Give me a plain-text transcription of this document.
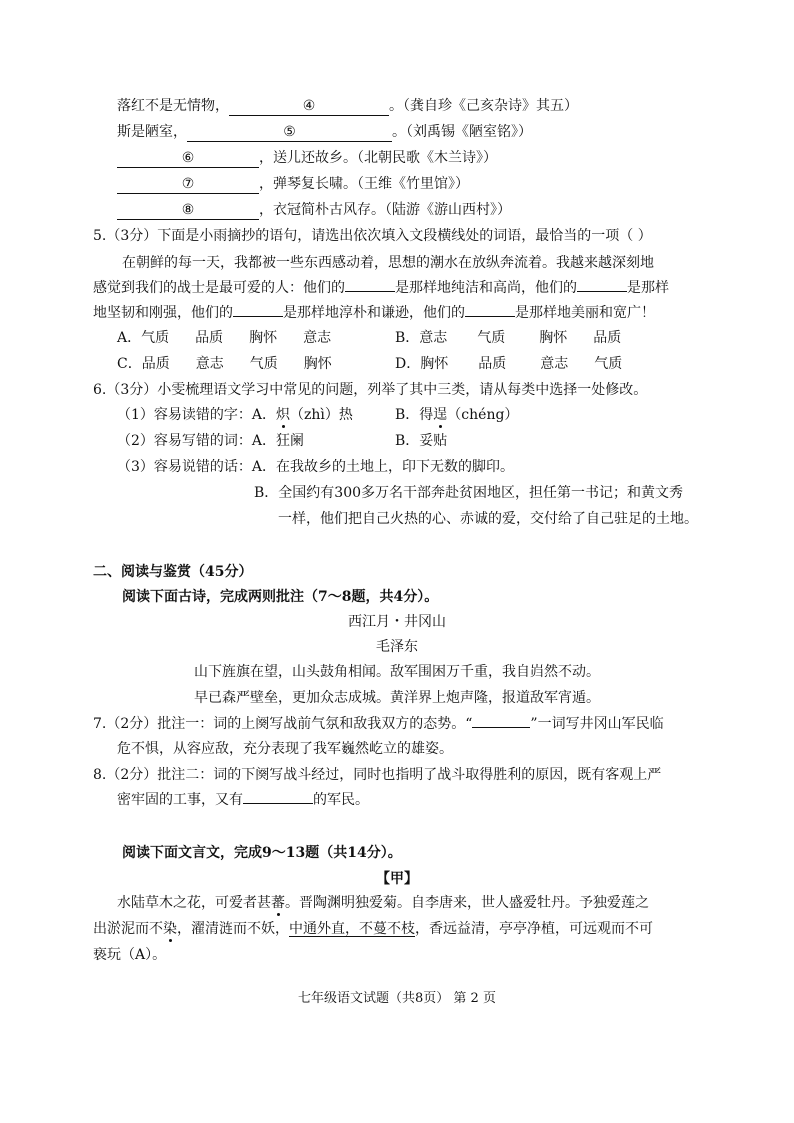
落红不是无情物，	④	。（龚自珍《己亥杂诗》其五）
斯是陋室，	⑤	。（刘禹锡《陋室铭》）
⑥	，送儿还故乡。（北朝民歌《木兰诗》）
⑦	，弹琴复长啸。（王维《竹里馆》）
⑧	，衣冠简朴古风存。（陆游《游山西村》）
5.（3分）下面是小雨摘抄的语句，请选出依次填入文段横线处的词语，最恰当的一项（ ）
在朝鲜的每一天，我都被一些东西感动着，思想的潮水在放纵奔流着。我越来越深刻地
感觉到我们的战士是最可爱的人：他们的	是那样地纯洁和高尚，他们的	是那样
地坚韧和刚强，他们的	是那样地淳朴和谦逊，他们的	是那样地美丽和宽广！
A．气质 品质 胸怀 意志	B．意志 气质 胸怀 品质
C．品质 意志 气质 胸怀	D．胸怀 品质 意志 气质
6.（3分）小雯梳理语文学习中常见的问题，列举了其中三类，请从每类中选择一处修改。
（1）容易读错的字：A．炽（zhì）热	B．得逞（chéng）
（2）容易写错的词：A．狂阑	B．妥贴
（3）容易说错的话：A．在我故乡的土地上，印下无数的脚印。
B．全国约有300多万名干部奔赴贫困地区，担任第一书记；和黄文秀
一样，他们把自己火热的心、赤诚的爱，交付给了自己驻足的土地。
二、阅读与鉴赏（45分）
阅读下面古诗，完成两则批注（7～8题，共4分）。
西江月・井冈山
毛泽东
山下旌旗在望，山头鼓角相闻。敌军围困万千重，我自岿然不动。
早已森严壁垒，更加众志成城。黄洋界上炮声隆，报道敌军宵遁。
7.（2分）批注一：词的上阕写战前气氛和敌我双方的态势。“	”一词写井冈山军民临
危不惧，从容应敌，充分表现了我军巍然屹立的雄姿。
8.（2分）批注二：词的下阕写战斗经过，同时也指明了战斗取得胜利的原因，既有客观上严
密牢固的工事，又有	的军民。
阅读下面文言文，完成9～13题（共14分）。
【甲】
水陆草木之花，可爱者甚蕃。晋陶渊明独爱菊。自李唐来，世人盛爱牡丹。予独爱莲之
出淤泥而不染，濯清涟而不妖，中通外直，不蔓不枝，香远益清，亭亭净植，可远观而不可
亵玩（A）。
七年级语文试题（共8页） 第 2 页
